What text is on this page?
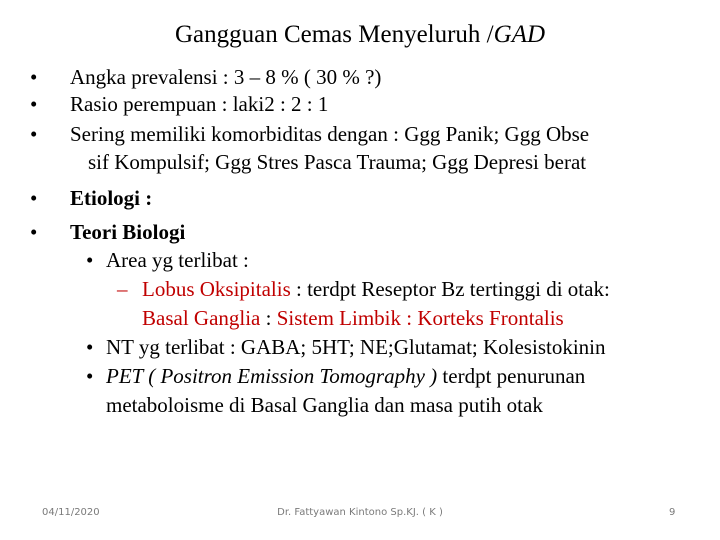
Gangguan Cemas Menyeluruh /GAD
• Angka prevalensi : 3 – 8 % ( 30 % ?)
• Rasio perempuan : laki2 : 2 : 1
• Sering memiliki komorbiditas dengan : Ggg Panik; Ggg Obse
sif Kompulsif; Ggg Stres Pasca Trauma; Ggg Depresi berat
• Etiologi :
• Teori Biologi
• Area yg terlibat :
– Lobus Oksipitalis : terdpt Reseptor Bz tertinggi di otak:
Basal Ganglia : Sistem Limbik : Korteks Frontalis
• NT yg terlibat : GABA; 5HT; NE;Glutamat; Kolesistokinin
• PET ( Positron Emission Tomography ) terdpt penurunan
metaboloisme di Basal Ganglia dan masa putih otak
04/11/2020	Dr. Fattyawan Kintono Sp.KJ. ( K )	9
